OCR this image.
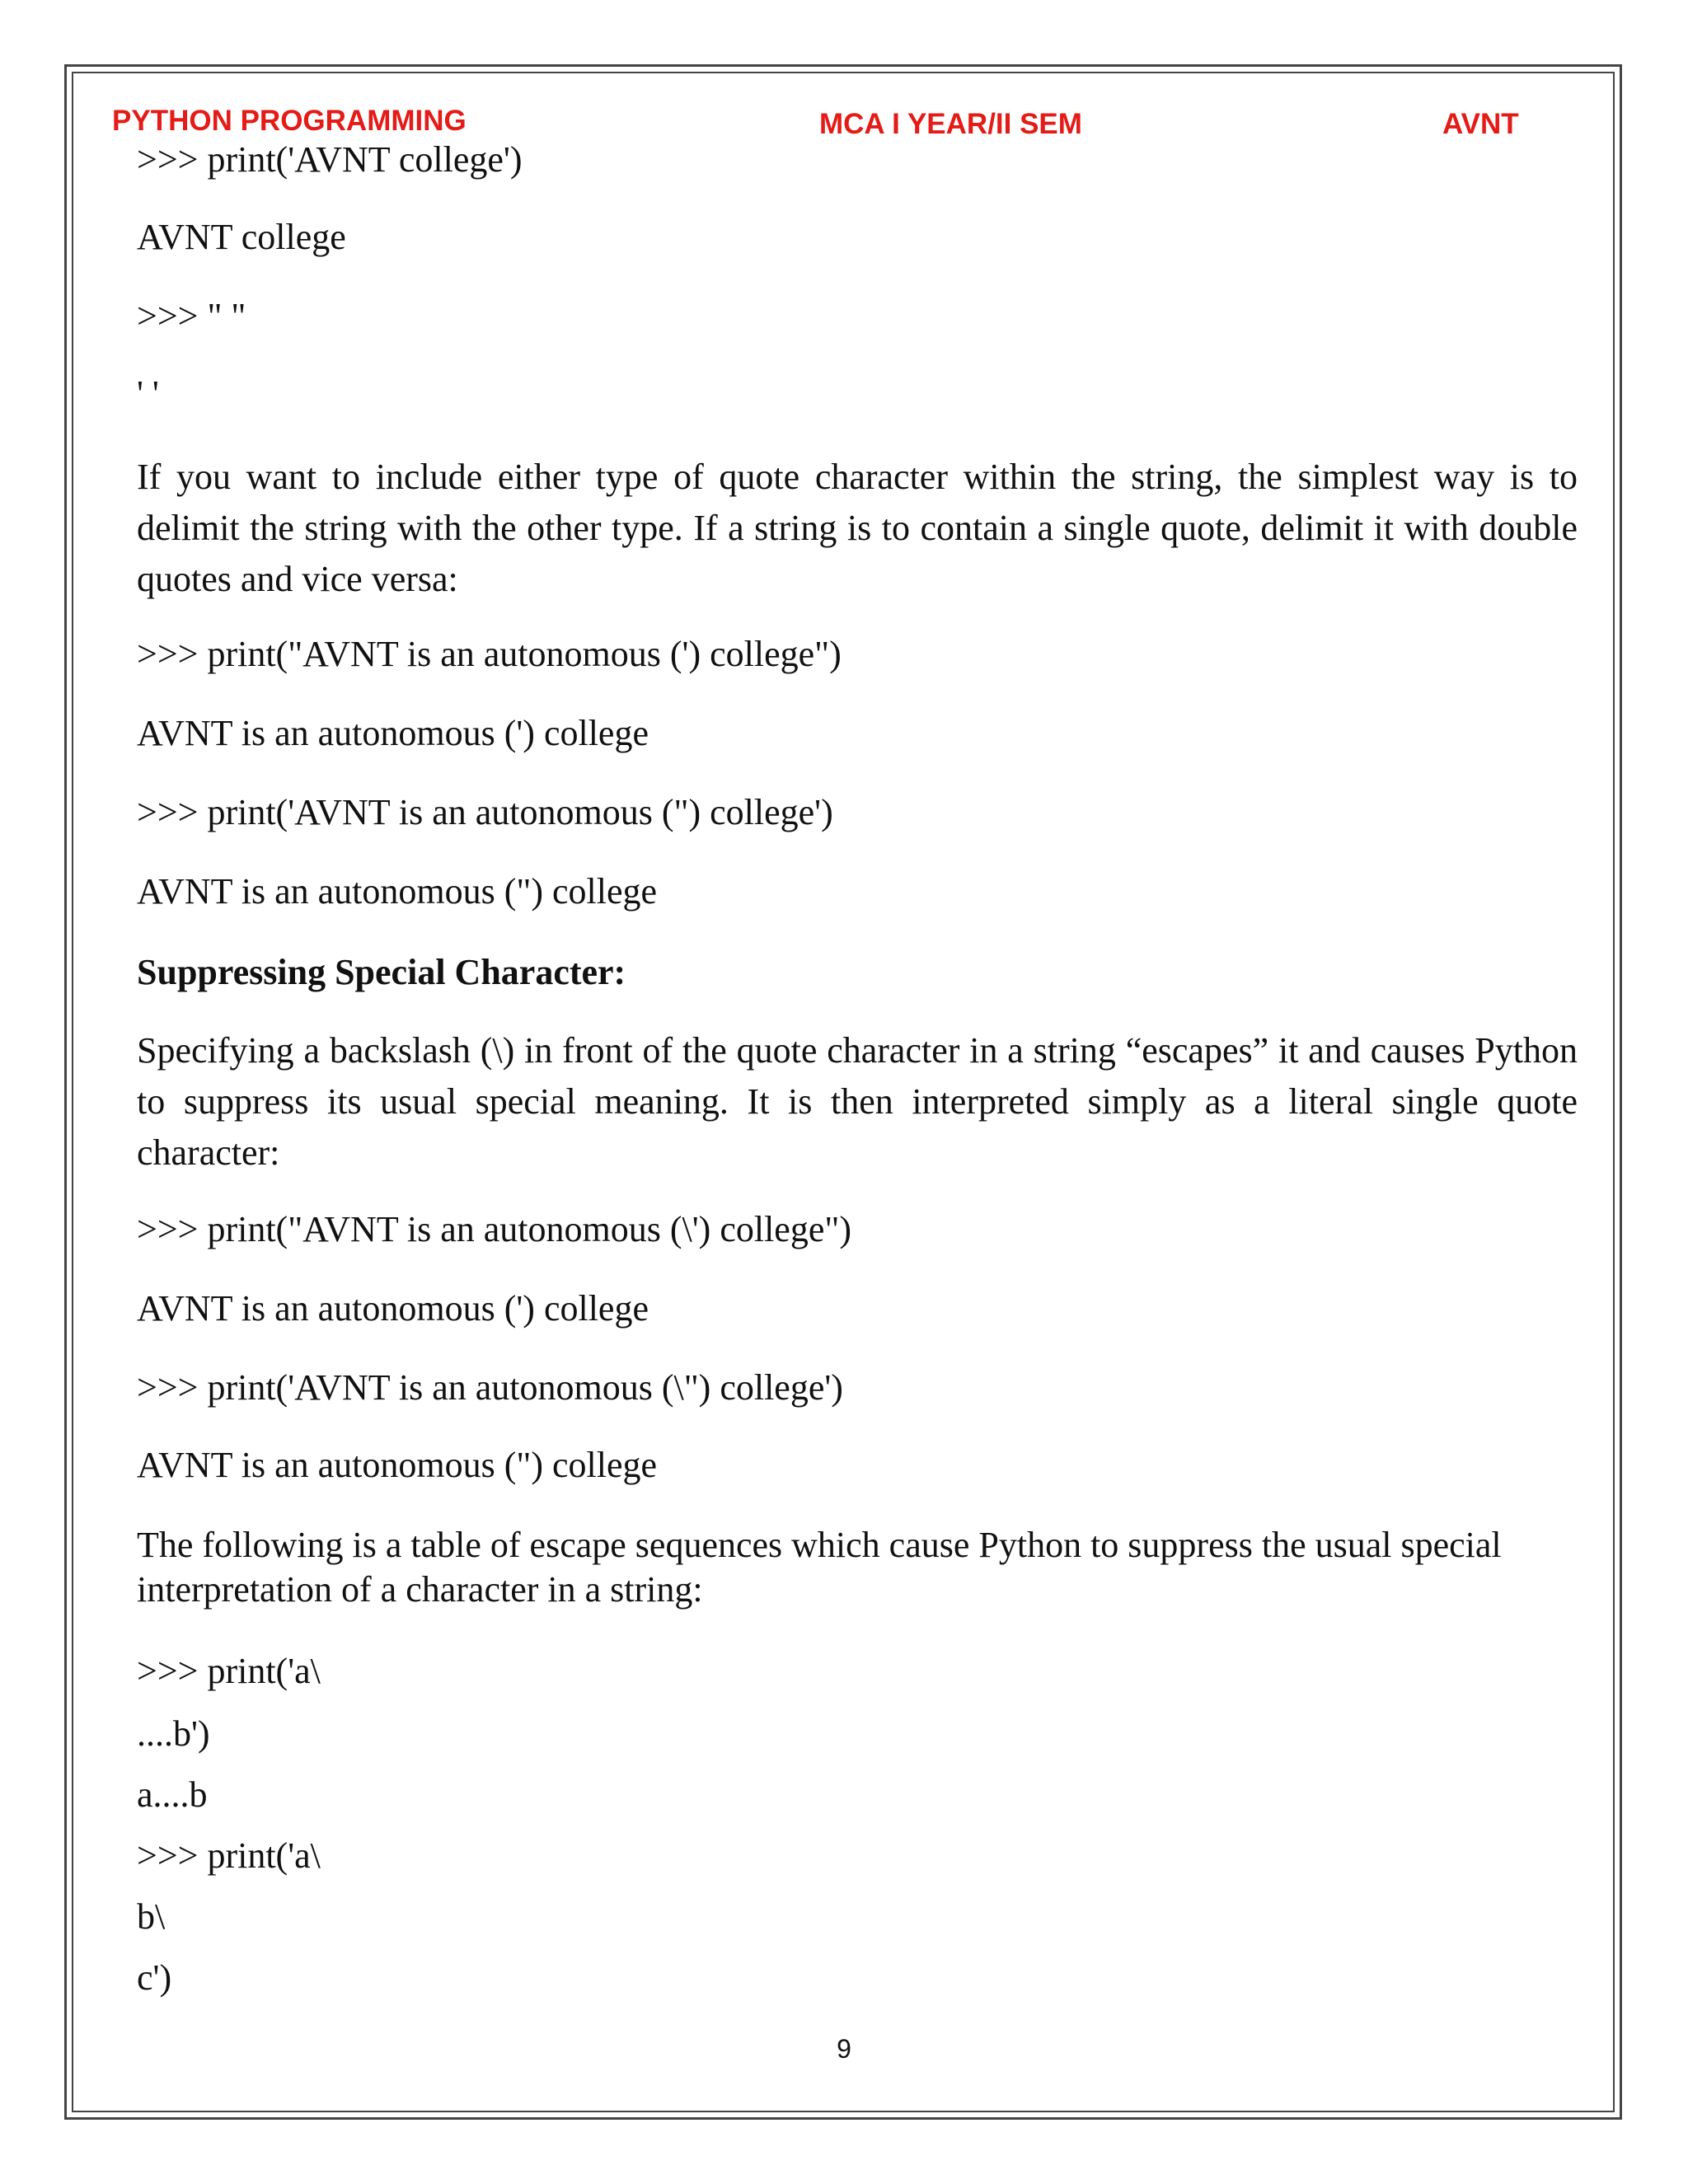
PYTHON PROGRAMMING	MCA I YEAR/II SEM	AVNT
>>> print('AVNT college')
AVNT college
>>> " "
' '
If you want to include either type of quote character within the string, the simplest way is to delimit the string with the other type. If a string is to contain a single quote, delimit it with double quotes and vice versa:
>>> print("AVNT is an autonomous (') college")
AVNT is an autonomous (') college
>>> print('AVNT is an autonomous (") college')
AVNT is an autonomous (") college
Suppressing Special Character:
Specifying a backslash (\) in front of the quote character in a string “escapes” it and causes Python to suppress its usual special meaning. It is then interpreted simply as a literal single quote character:
>>> print("AVNT is an autonomous (\') college")
AVNT is an autonomous (') college
>>> print('AVNT is an autonomous (\") college')
AVNT is an autonomous (") college
The following is a table of escape sequences which cause Python to suppress the usual special interpretation of a character in a string:
>>> print('a\
....b')
a....b
>>> print('a\
b\
c')
9
